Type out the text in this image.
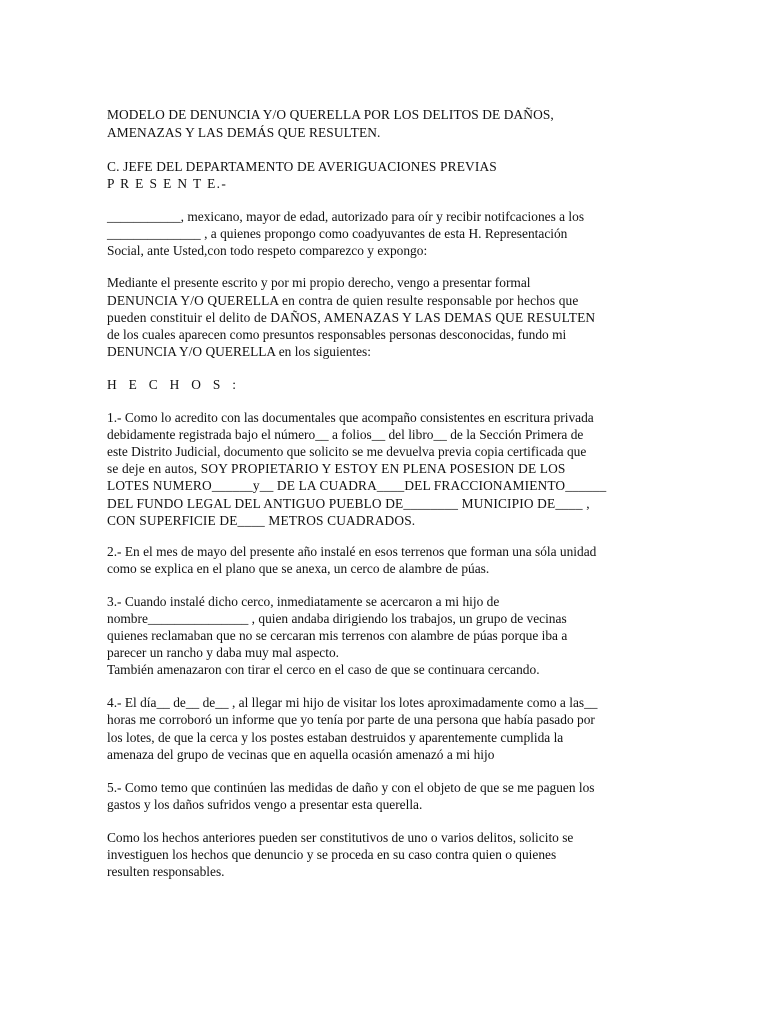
MODELO DE DENUNCIA Y/O QUERELLA POR LOS DELITOS DE DAÑOS,
AMENAZAS Y LAS DEMÁS QUE RESULTEN.
C. JEFE DEL DEPARTAMENTO DE AVERIGUACIONES PREVIAS
P R E S E N T E.-
___________, mexicano, mayor de edad, autorizado para oír y recibir notifcaciones a los
______________ , a quienes propongo como coadyuvantes de esta H. Representación
Social, ante Usted,con todo respeto comparezco y expongo:
Mediante el presente escrito y por mi propio derecho, vengo a presentar formal
DENUNCIA Y/O QUERELLA en contra de quien resulte responsable por hechos que
pueden constituir el delito de DAÑOS, AMENAZAS Y LAS DEMAS QUE RESULTEN
de los cuales aparecen como presuntos responsables personas desconocidas, fundo mi
DENUNCIA Y/O QUERELLA en los siguientes:
H E C H O S :
1.- Como lo acredito con las documentales que acompaño consistentes en escritura privada
debidamente registrada bajo el número__ a folios__ del libro__ de la Sección Primera de
este Distrito Judicial, documento que solicito se me devuelva previa copia certificada que
se deje en autos, SOY PROPIETARIO Y ESTOY EN PLENA POSESION DE LOS
LOTES NUMERO______y__ DE LA CUADRA____DEL FRACCIONAMIENTO______
DEL FUNDO LEGAL DEL ANTIGUO PUEBLO DE________ MUNICIPIO DE____ ,
CON SUPERFICIE DE____ METROS CUADRADOS.
2.- En el mes de mayo del presente año instalé en esos terrenos que forman una sóla unidad
como se explica en el plano que se anexa, un cerco de alambre de púas.
3.- Cuando instalé dicho cerco, inmediatamente se acercaron a mi hijo de
nombre_______________ , quien andaba dirigiendo los trabajos, un grupo de vecinas
quienes reclamaban que no se cercaran mis terrenos con alambre de púas porque iba a
parecer un rancho y daba muy mal aspecto.
También amenazaron con tirar el cerco en el caso de que se continuara cercando.
4.- El día__ de__ de__ , al llegar mi hijo de visitar los lotes aproximadamente como a las__
horas me corroboró un informe que yo tenía por parte de una persona que había pasado por
los lotes, de que la cerca y los postes estaban destruidos y aparentemente cumplida la
amenaza del grupo de vecinas que en aquella ocasión amenazó a mi hijo
5.- Como temo que continúen las medidas de daño y con el objeto de que se me paguen los
gastos y los daños sufridos vengo a presentar esta querella.
Como los hechos anteriores pueden ser constitutivos de uno o varios delitos, solicito se
investiguen los hechos que denuncio y se proceda en su caso contra quien o quienes
resulten responsables.
